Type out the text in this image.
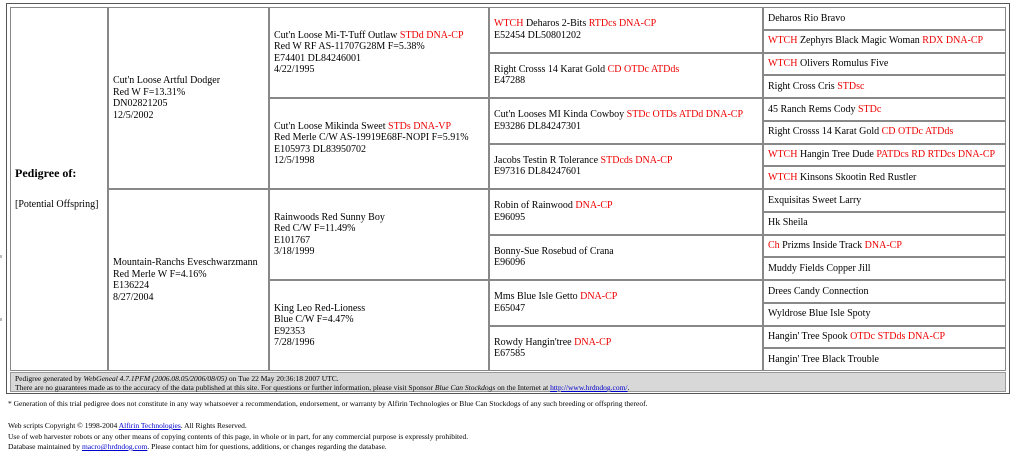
Pedigree of:
[Potential Offspring]
Cut'n Loose Artful Dodger
Red W F=13.31%
DN02821205
12/5/2002
Mountain-Ranchs Eveschwarzmann
Red Merle W F=4.16%
E136224
8/27/2004
Cut'n Loose Mi-T-Tuff Outlaw STDd DNA-CP
Red W RF AS-11707G28M F=5.38%
E74401 DL84246001
4/22/1995
Cut'n Loose Mikinda Sweet STDs DNA-VP
Red Merle C/W AS-19919E68F-NOPI F=5.91%
E105973 DL83950702
12/5/1998
Rainwoods Red Sunny Boy
Red C/W F=11.49%
E101767
3/18/1999
King Leo Red-Lioness
Blue C/W F=4.47%
E92353
7/28/1996
WTCH Deharos 2-Bits RTDcs DNA-CP
E52454 DL50801202
Right Crosss 14 Karat Gold CD OTDc ATDds
E47288
Cut'n Looses MI Kinda Cowboy STDc OTDs ATDd DNA-CP
E93286 DL84247301
Jacobs Testin R Tolerance STDcds DNA-CP
E97316 DL84247601
Robin of Rainwood DNA-CP
E96095
Bonny-Sue Rosebud of Crana
E96096
Mms Blue Isle Getto DNA-CP
E65047
Rowdy Hangin'tree DNA-CP
E67585
Deharos Rio Bravo
WTCH Zephyrs Black Magic Woman RDX DNA-CP
WTCH Olivers Romulus Five
Right Cross Cris STDsc
45 Ranch Rems Cody STDc
Right Crosss 14 Karat Gold CD OTDc ATDds
WTCH Hangin Tree Dude PATDcs RD RTDcs DNA-CP
WTCH Kinsons Skootin Red Rustler
Exquisitas Sweet Larry
Hk Sheila
Ch Prizms Inside Track DNA-CP
Muddy Fields Copper Jill
Drees Candy Connection
Wyldrose Blue Isle Spoty
Hangin' Tree Spook OTDc STDds DNA-CP
Hangin' Tree Black Trouble
Pedigree generated by WebGeneal 4.7.1PFM (2006.08.05/2006/08/05) on Tue 22 May 20:36:18 2007 UTC.
There are no guarantees made as to the accuracy of the data published at this site. For questions or further information, please visit Sponsor Blue Can Stockdogs on the Internet at http://www.hrdndog.com/.
* Generation of this trial pedigree does not constitute in any way whatsoever a recommendation, endorsement, or warranty by Alfirin Technologies or Blue Can Stockdogs of any such breeding or offspring thereof.
Web scripts Copyright © 1998-2004 Alfirin Technologies. All Rights Reserved.
Use of web harvester robots or any other means of copying contents of this page, in whole or in part, for any commercial purpose is expressly prohibited.
Database maintained by macro@hrdndog.com. Please contact him for questions, additions, or changes regarding the database.
